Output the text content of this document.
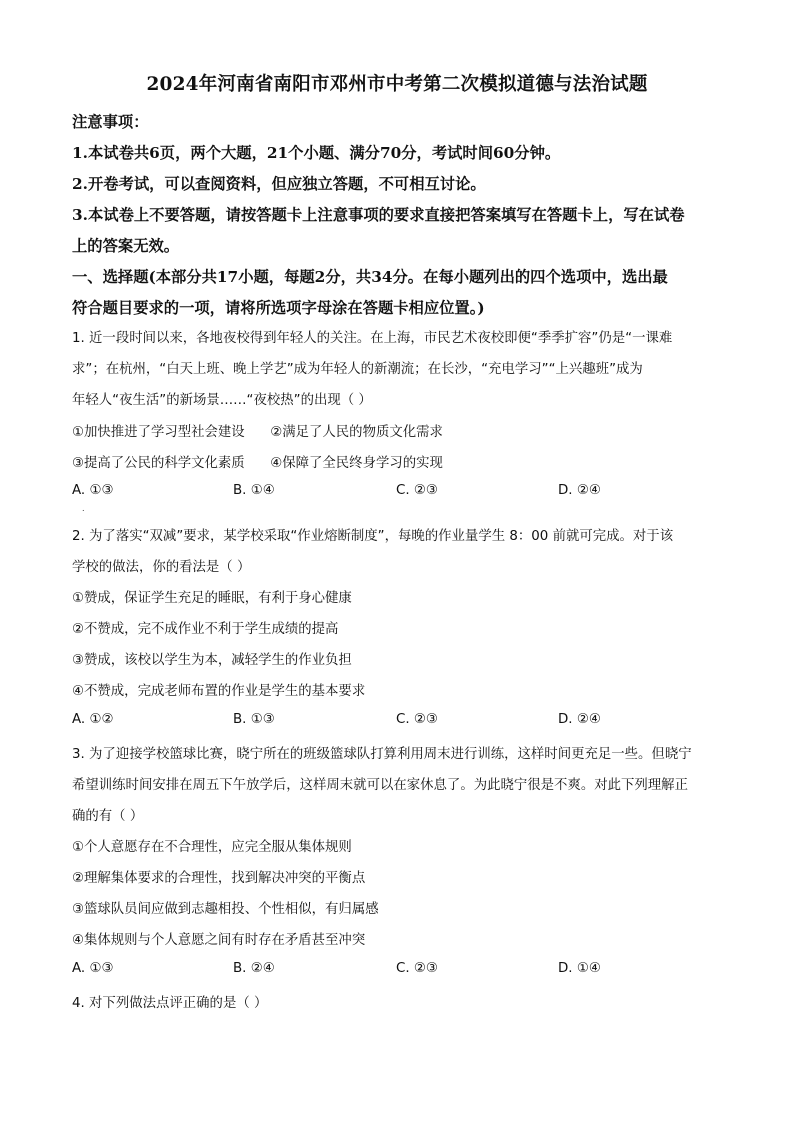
2024年河南省南阳市邓州市中考第二次模拟道德与法治试题
注意事项：
1.本试卷共6页，两个大题，21个小题、满分70分，考试时间60分钟。
2.开卷考试，可以查阅资料，但应独立答题，不可相互讨论。
3.本试卷上不要答题，请按答题卡上注意事项的要求直接把答案填写在答题卡上，写在试卷
上的答案无效。
一、选择题(本部分共17小题，每题2分，共34分。在每小题列出的四个选项中，选出最
符合题目要求的一项，请将所选项字母涂在答题卡相应位置。)
1. 近一段时间以来，各地夜校得到年轻人的关注。在上海，市民艺术夜校即便“季季扩容”仍是“一课难
求”；在杭州，“白天上班、晚上学艺”成为年轻人的新潮流；在长沙，“充电学习”“上兴趣班”成为
年轻人“夜生活”的新场景……“夜校热”的出现（ ）
①加快推进了学习型社会建设      ②满足了人民的物质文化需求
③提高了公民的科学文化素质      ④保障了全民终身学习的实现
A. ①③	B. ①④	C. ②③	D. ②④
.
2. 为了落实“双减”要求，某学校采取“作业熔断制度”，每晚的作业量学生 8：00 前就可完成。对于该
学校的做法，你的看法是（ ）
①赞成，保证学生充足的睡眠，有利于身心健康
②不赞成，完不成作业不利于学生成绩的提高
③赞成，该校以学生为本，减轻学生的作业负担
④不赞成，完成老师布置的作业是学生的基本要求
A. ①②	B. ①③	C. ②③	D. ②④
3. 为了迎接学校篮球比赛，晓宁所在的班级篮球队打算利用周末进行训练，这样时间更充足一些。但晓宁
希望训练时间安排在周五下午放学后，这样周末就可以在家休息了。为此晓宁很是不爽。对此下列理解正
确的有（ ）
①个人意愿存在不合理性，应完全服从集体规则
②理解集体要求的合理性，找到解决冲突的平衡点
③篮球队员间应做到志趣相投、个性相似，有归属感
④集体规则与个人意愿之间有时存在矛盾甚至冲突
A. ①③	B. ②④	C. ②③	D. ①④
4. 对下列做法点评正确的是（ ）
